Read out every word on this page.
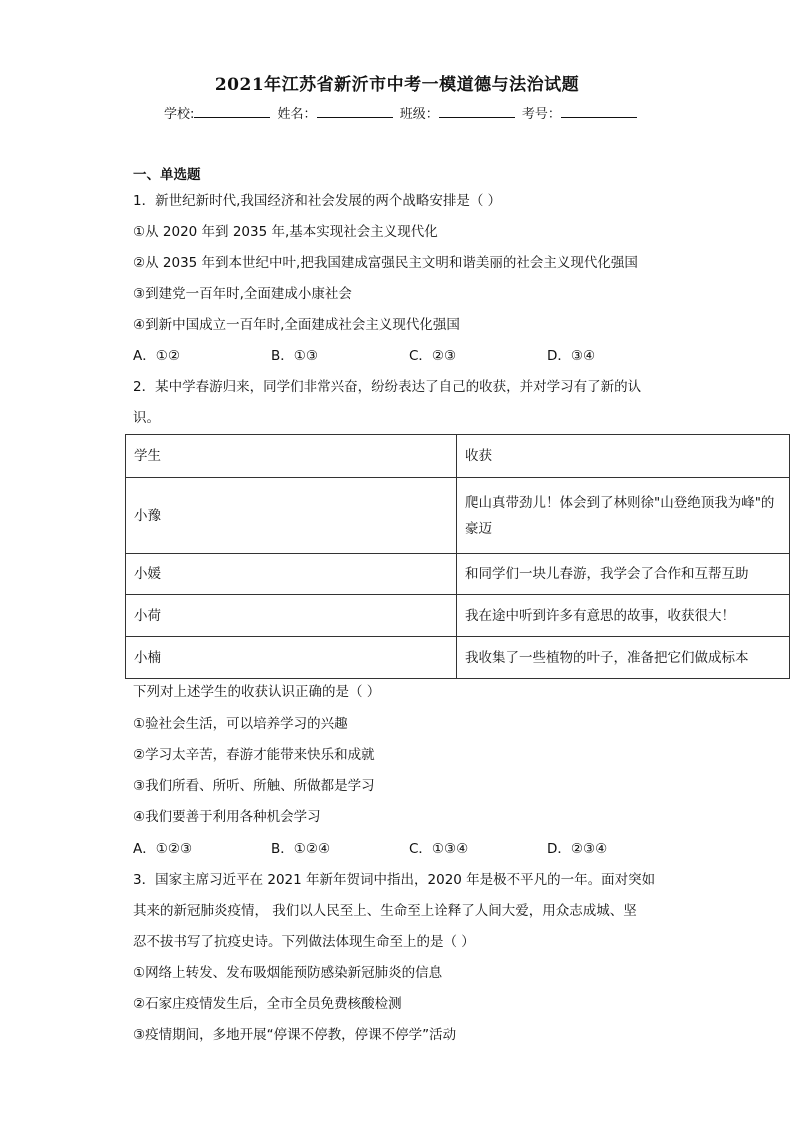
2021年江苏省新沂市中考一模道德与法治试题
学校:	姓名：	班级：	考号：
一、单选题
1．新世纪新时代,我国经济和社会发展的两个战略安排是（ ）
①从 2020 年到 2035 年,基本实现社会主义现代化
②从 2035 年到本世纪中叶,把我国建成富强民主文明和谐美丽的社会主义现代化强国
③到建党一百年时,全面建成小康社会
④到新中国成立一百年时,全面建成社会主义现代化强国
A．①②	B．①③	C．②③	D．③④
2．某中学春游归来，同学们非常兴奋，纷纷表达了自己的收获，并对学习有了新的认
识。
学生	收获
小豫	爬山真带劲儿！体会到了林则徐"山登绝顶我为峰"的
豪迈

小媛	和同学们一块儿春游，我学会了合作和互帮互助
小荷	我在途中听到许多有意思的故事，收获很大！
小楠	我收集了一些植物的叶子，准备把它们做成标本
下列对上述学生的收获认识正确的是（ ）
①验社会生活，可以培养学习的兴趣
②学习太辛苦，春游才能带来快乐和成就
③我们所看、所听、所触、所做都是学习
④我们要善于利用各种机会学习
A．①②③	B．①②④	C．①③④	D．②③④
3．国家主席习近平在 2021 年新年贺词中指出，2020 年是极不平凡的一年。面对突如
其来的新冠肺炎疫情， 我们以人民至上、生命至上诠释了人间大爱，用众志成城、坚
忍不拔书写了抗疫史诗。下列做法体现生命至上的是（ ）
①网络上转发、发布吸烟能预防感染新冠肺炎的信息
②石家庄疫情发生后，全市全员免费核酸检测
③疫情期间，多地开展“停课不停教，停课不停学”活动
